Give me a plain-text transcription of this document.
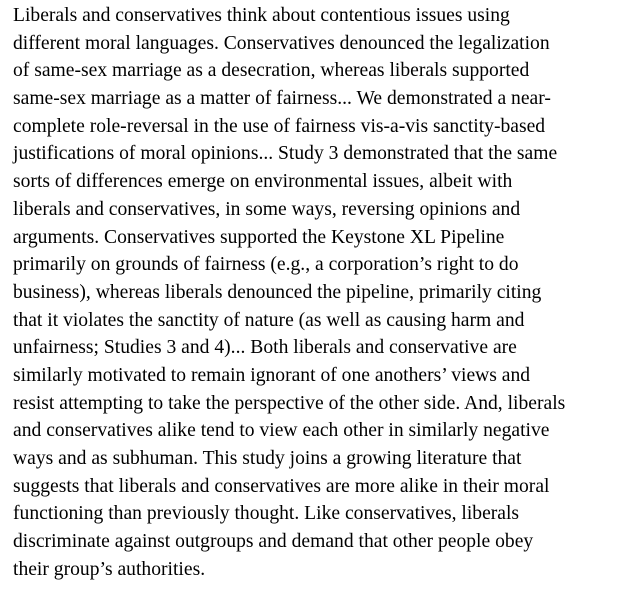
Liberals and conservatives think about contentious issues using
different moral languages. Conservatives denounced the legalization
of same-sex marriage as a desecration, whereas liberals supported
same-sex marriage as a matter of fairness... We demonstrated a near-
complete role-reversal in the use of fairness vis-a-vis sanctity-based
justifications of moral opinions... Study 3 demonstrated that the same
sorts of differences emerge on environmental issues, albeit with
liberals and conservatives, in some ways, reversing opinions and
arguments. Conservatives supported the Keystone XL Pipeline
primarily on grounds of fairness (e.g., a corporation’s right to do
business), whereas liberals denounced the pipeline, primarily citing
that it violates the sanctity of nature (as well as causing harm and
unfairness; Studies 3 and 4)... Both liberals and conservative are
similarly motivated to remain ignorant of one anothers’ views and
resist attempting to take the perspective of the other side. And, liberals
and conservatives alike tend to view each other in similarly negative
ways and as subhuman. This study joins a growing literature that
suggests that liberals and conservatives are more alike in their moral
functioning than previously thought. Like conservatives, liberals
discriminate against outgroups and demand that other people obey
their group’s authorities.
